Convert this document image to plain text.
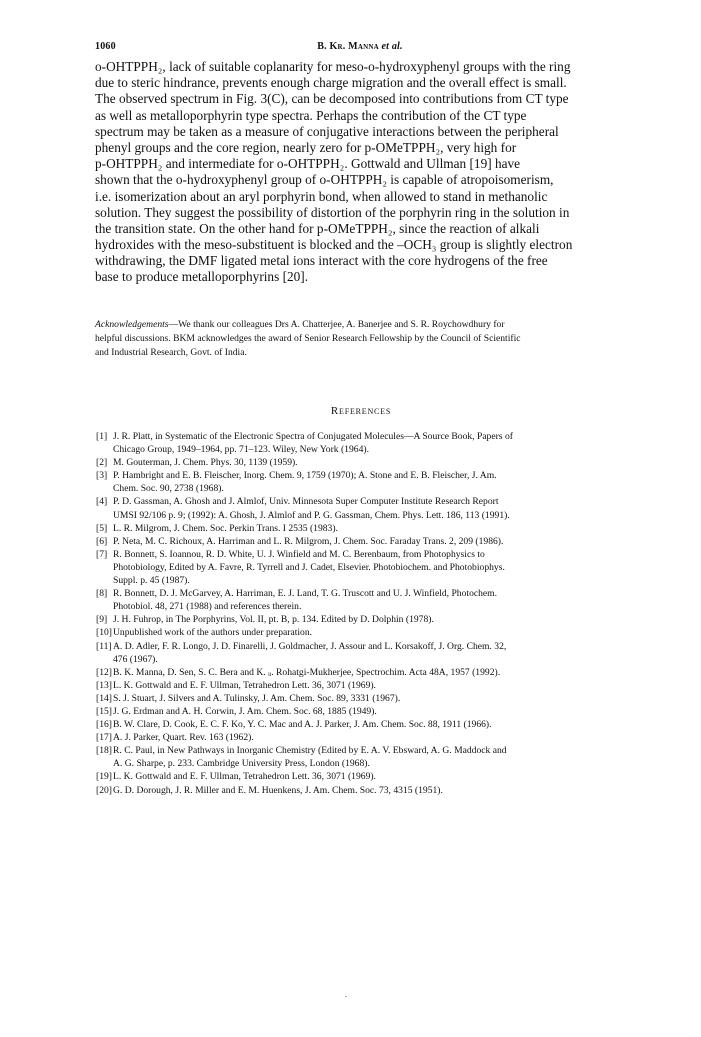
1060	B. Kr. Manna et al.
o-OHTPPH₂, lack of suitable coplanarity for meso-o-hydroxyphenyl groups with the ring
due to steric hindrance, prevents enough charge migration and the overall effect is small.
The observed spectrum in Fig. 3(C), can be decomposed into contributions from CT type
as well as metalloporphyrin type spectra. Perhaps the contribution of the CT type
spectrum may be taken as a measure of conjugative interactions between the peripheral
phenyl groups and the core region, nearly zero for p-OMeTPPH₂, very high for
p-OHTPPH₂ and intermediate for o-OHTPPH₂. Gottwald and Ullman [19] have
shown that the o-hydroxyphenyl group of o-OHTPPH₂ is capable of atropoisomerism,
i.e. isomerization about an aryl porphyrin bond, when allowed to stand in methanolic
solution. They suggest the possibility of distortion of the porphyrin ring in the solution in
the transition state. On the other hand for p-OMeTPPH₂, since the reaction of alkali
hydroxides with the meso-substituent is blocked and the –OCH₃ group is slightly electron
withdrawing, the DMF ligated metal ions interact with the core hydrogens of the free
base to produce metalloporphyrins [20].
Acknowledgements—We thank our colleagues Drs A. Chatterjee, A. Banerjee and S. R. Roychowdhury for
helpful discussions. BKM acknowledges the award of Senior Research Fellowship by the Council of Scientific
and Industrial Research, Govt. of India.
References
[1] J. R. Platt, in Systematic of the Electronic Spectra of Conjugated Molecules—A Source Book, Papers of
Chicago Group, 1949–1964, pp. 71–123. Wiley, New York (1964).
[2] M. Gouterman, J. Chem. Phys. 30, 1139 (1959).
[3] P. Hambright and E. B. Fleischer, Inorg. Chem. 9, 1759 (1970); A. Stone and E. B. Fleischer, J. Am.
Chem. Soc. 90, 2738 (1968).
[4] P. D. Gassman, A. Ghosh and J. Almlof, Univ. Minnesota Super Computer Institute Research Report
UMSI 92/106 p. 9; (1992): A. Ghosh, J. Almlof and P. G. Gassman, Chem. Phys. Lett. 186, 113 (1991).
[5] L. R. Milgrom, J. Chem. Soc. Perkin Trans. I 2535 (1983).
[6] P. Neta, M. C. Richoux, A. Harriman and L. R. Milgrom, J. Chem. Soc. Faraday Trans. 2, 209 (1986).
[7] R. Bonnett, S. Ioannou, R. D. White, U. J. Winfield and M. C. Berenbaum, from Photophysics to
Photobiology, Edited by A. Favre, R. Tyrrell and J. Cadet, Elsevier. Photobiochem. and Photobiophys.
Suppl. p. 45 (1987).
[8] R. Bonnett, D. J. McGarvey, A. Harriman, E. J. Land, T. G. Truscott and U. J. Winfield, Photochem.
Photobiol. 48, 271 (1988) and references therein.
[9] J. H. Fuhrop, in The Porphyrins, Vol. II, pt. B, p. 134. Edited by D. Dolphin (1978).
[10] Unpublished work of the authors under preparation.
[11] A. D. Adler, F. R. Longo, J. D. Finarelli, J. Goldmacher, J. Assour and L. Korsakoff, J. Org. Chem. 32,
476 (1967).
[12] B. K. Manna, D. Sen, S. C. Bera and K. ᵢᵢ. Rohatgi-Mukherjee, Spectrochim. Acta 48A, 1957 (1992).
[13] L. K. Gottwald and E. F. Ullman, Tetrahedron Lett. 36, 3071 (1969).
[14] S. J. Stuart, J. Silvers and A. Tulinsky, J. Am. Chem. Soc. 89, 3331 (1967).
[15] J. G. Erdman and A. H. Corwin, J. Am. Chem. Soc. 68, 1885 (1949).
[16] B. W. Clare, D. Cook, E. C. F. Ko, Y. C. Mac and A. J. Parker, J. Am. Chem. Soc. 88, 1911 (1966).
[17] A. J. Parker, Quart. Rev. 163 (1962).
[18] R. C. Paul, in New Pathways in Inorganic Chemistry (Edited by E. A. V. Ebsward, A. G. Maddock and
A. G. Sharpe, p. 233. Cambridge University Press, London (1968).
[19] L. K. Gottwald and E. F. Ullman, Tetrahedron Lett. 36, 3071 (1969).
[20] G. D. Dorough, J. R. Miller and E. M. Huenkens, J. Am. Chem. Soc. 73, 4315 (1951).
